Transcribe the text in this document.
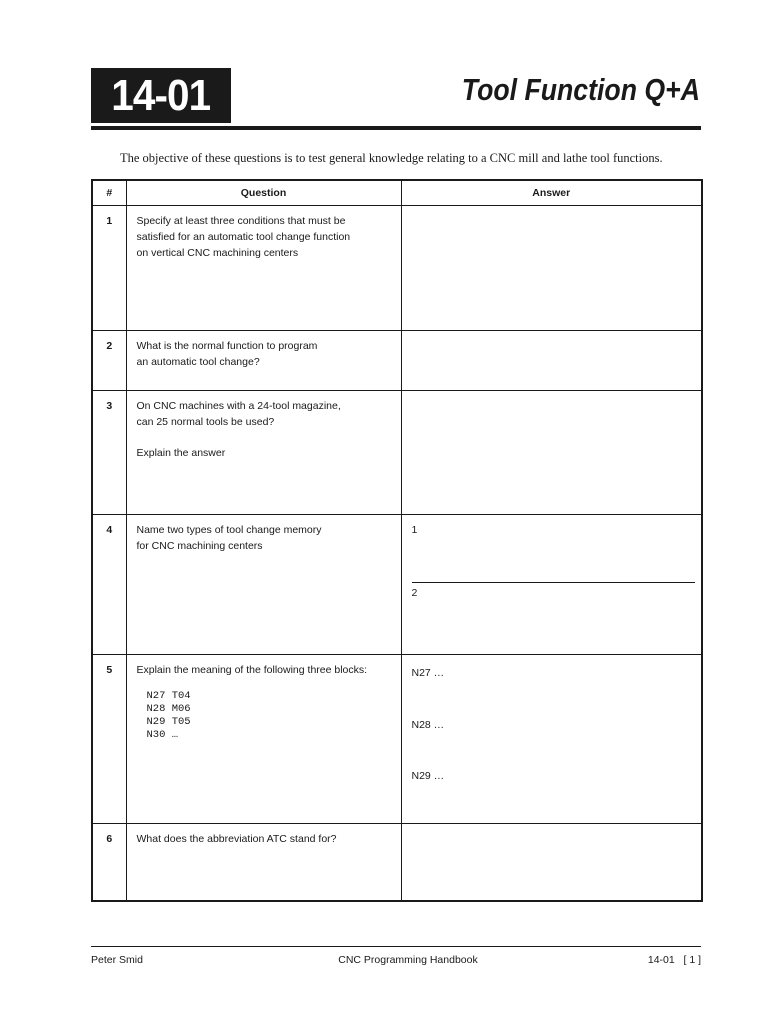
14-01	Tool Function Q+A
The objective of these questions is to test general knowledge relating to a CNC mill and lathe tool functions.
#	Question	Answer
1	Specify at least three conditions that must be
satisfied for an automatic tool change function
on vertical CNC machining centers	

2	What is the normal function to program
an automatic tool change?	

3	On CNC machines with a 24-tool magazine,
can 25 normal tools be used?
Explain the answer	

4	Name two types of tool change memory
for CNC machining centers	1
2

5	Explain the meaning of the following three blocks:
N27 T04
N28 M06
N29 T05
N30 …	N27 …
N28 …
N29 …

6	What does the abbreviation ATC stand for?	

Peter Smid	CNC Programming Handbook	14-01   [ 1 ]
